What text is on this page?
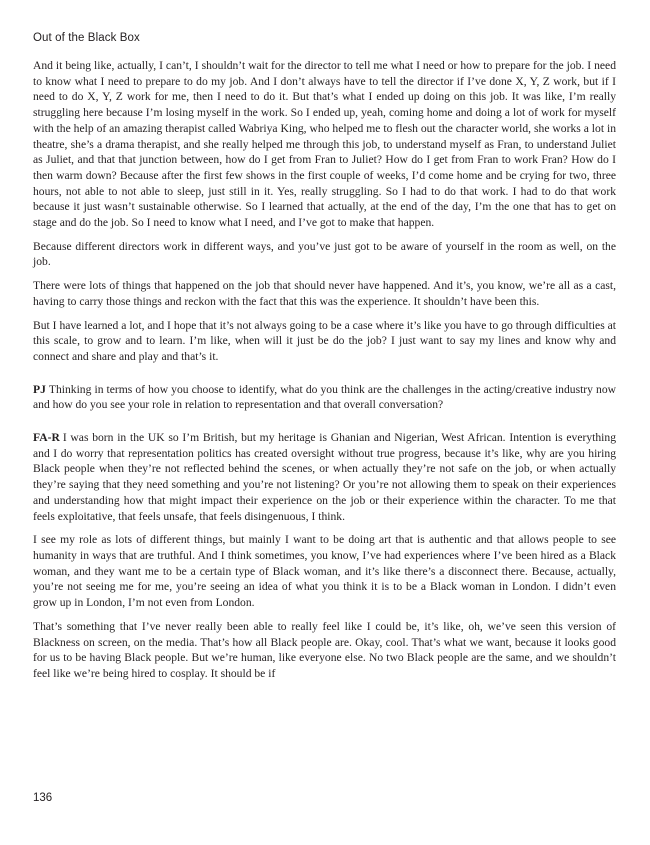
Out of the Black Box

And it being like, actually, I can’t, I shouldn’t wait for the director to tell me what I need or how to prepare for the job. I need to know what I need to prepare to do my job. And I don’t always have to tell the director if I’ve done X, Y, Z work, but if I need to do X, Y, Z work for me, then I need to do it. But that’s what I ended up doing on this job. It was like, I’m really struggling here because I’m losing myself in the work. So I ended up, yeah, coming home and doing a lot of work for myself with the help of an amazing therapist called Wabriya King, who helped me to flesh out the character world, she works a lot in theatre, she’s a drama therapist, and she really helped me through this job, to understand myself as Fran, to understand Juliet as Juliet, and that that junction between, how do I get from Fran to Juliet? How do I get from Fran to work Fran? How do I then warm down? Because after the first few shows in the first couple of weeks, I’d come home and be crying for two, three hours, not able to not able to sleep, just still in it. Yes, really struggling. So I had to do that work. I had to do that work because it just wasn’t sustainable otherwise. So I learned that actually, at the end of the day, I’m the one that has to get on stage and do the job. So I need to know what I need, and I’ve got to make that happen.

Because different directors work in different ways, and you’ve just got to be aware of yourself in the room as well, on the job.

There were lots of things that happened on the job that should never have happened. And it’s, you know, we’re all as a cast, having to carry those things and reckon with the fact that this was the experience. It shouldn’t have been this.

But I have learned a lot, and I hope that it’s not always going to be a case where it’s like you have to go through difficulties at this scale, to grow and to learn. I’m like, when will it just be do the job? I just want to say my lines and know why and connect and share and play and that’s it.

PJ Thinking in terms of how you choose to identify, what do you think are the challenges in the acting/creative industry now and how do you see your role in relation to representation and that overall conversation?

FA-R I was born in the UK so I’m British, but my heritage is Ghanian and Nigerian, West African. Intention is everything and I do worry that representation politics has created oversight without true progress, because it’s like, why are you hiring Black people when they’re not reflected behind the scenes, or when actually they’re not safe on the job, or when actually they’re saying that they need something and you’re not listening? Or you’re not allowing them to speak on their experiences and understanding how that might impact their experience on the job or their experience within the character. To me that feels exploitative, that feels unsafe, that feels disingenuous, I think.

I see my role as lots of different things, but mainly I want to be doing art that is authentic and that allows people to see humanity in ways that are truthful. And I think sometimes, you know, I’ve had experiences where I’ve been hired as a Black woman, and they want me to be a certain type of Black woman, and it’s like there’s a disconnect there. Because, actually, you’re not seeing me for me, you’re seeing an idea of what you think it is to be a Black woman in London. I didn’t even grow up in London, I’m not even from London.

That’s something that I’ve never really been able to really feel like I could be, it’s like, oh, we’ve seen this version of Blackness on screen, on the media. That’s how all Black people are. Okay, cool. That’s what we want, because it looks good for us to be having Black people. But we’re human, like everyone else. No two Black people are the same, and we shouldn’t feel like we’re being hired to cosplay. It should be if

136
